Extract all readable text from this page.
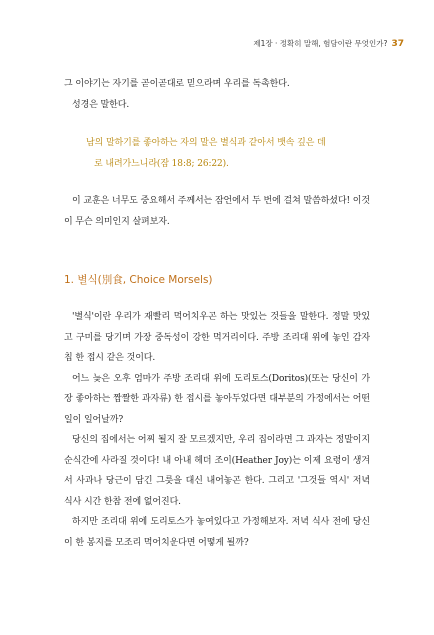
제1장 · 정확히 말해, 험담이란 무엇인가? 37

그 이야기는 자기를 곧이곧대로 믿으라며 우리를 독촉한다.

성경은 말한다.

남의 말하기를 좋아하는 자의 말은 별식과 같아서 뱃속 깊은 데

로 내려가느니라(잠 18:8; 26:22).

이 교훈은 너무도 중요해서 주께서는 잠언에서 두 번에 걸쳐 말씀하셨다! 이것이 무슨 의미인지 살펴보자.

1. 별식(別食, Choice Morsels)

'별식'이란 우리가 재빨리 먹어치우곤 하는 맛있는 것들을 말한다. 정말 맛있고 구미를 당기며 가장 중독성이 강한 먹거리이다. 주방 조리대 위에 놓인 감자칩 한 접시 같은 것이다.

어느 늦은 오후 엄마가 주방 조리대 위에 도리토스(Doritos)(또는 당신이 가장 좋아하는 짭짤한 과자류) 한 접시를 놓아두었다면 대부분의 가정에서는 어떤 일이 일어날까?

당신의 집에서는 어찌 될지 잘 모르겠지만, 우리 집이라면 그 과자는 정말이지 순식간에 사라질 것이다! 내 아내 헤더 조이(Heather Joy)는 이제 요령이 생겨서 사과나 당근이 담긴 그릇을 대신 내어놓곤 한다. 그리고 '그것들 역시' 저녁 식사 시간 한참 전에 없어진다.

하지만 조리대 위에 도리토스가 놓여있다고 가정해보자. 저녁 식사 전에 당신이 한 봉지를 모조리 먹어치운다면 어떻게 될까?
